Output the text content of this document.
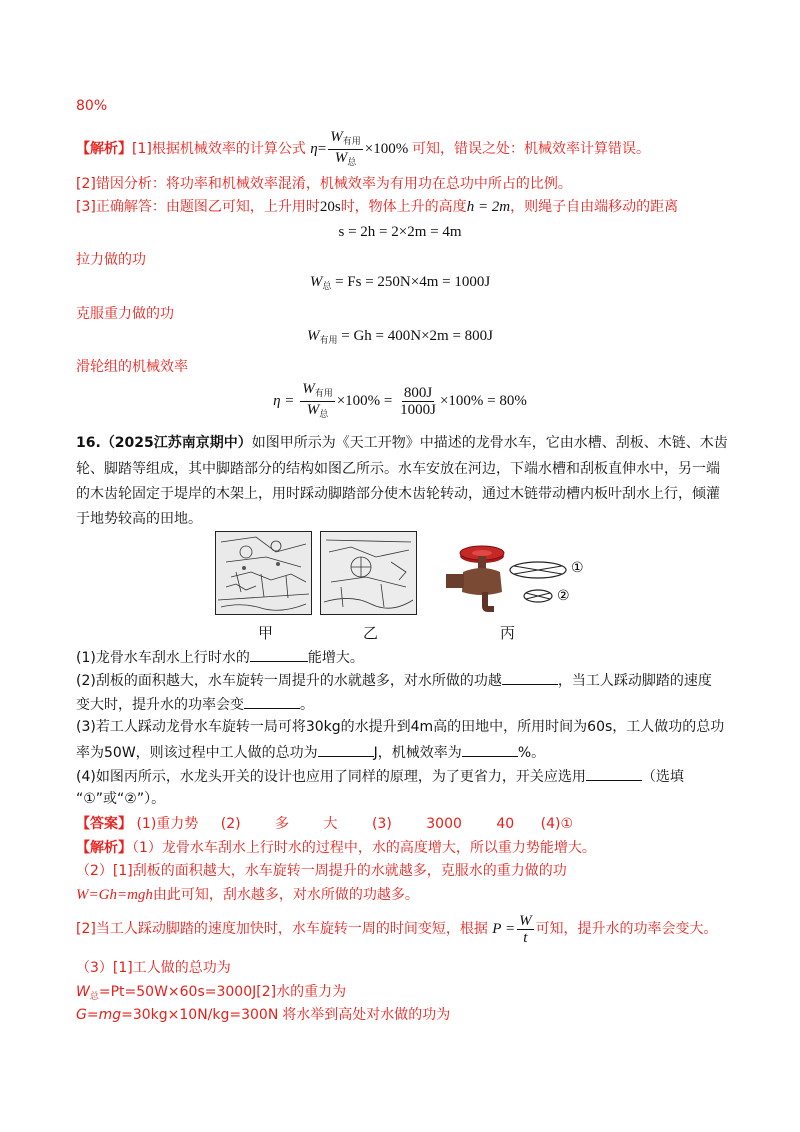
80%
【解析】[1]根据机械效率的计算公式 $\eta= \frac{W_{有用}}{W_总} \times 100\%$ 可知，错误之处：机械效率计算错误。
[2]错因分析：将功率和机械效率混淆，机械效率为有用功在总功中所占的比例。
[3]正确解答：由题图乙可知，上升用时20s时，物体上升的高度h = 2m，则绳子自由端移动的距离
s = 2h = 2×2m = 4m
拉力做的功
$W_总 = Fs = 250N\times 4m = 1000J$
克服重力做的功
$W_{有用} = Gh = 400N\times 2m = 800J$
滑轮组的机械效率
$\eta = \frac{W_{有用}}{W_总} \times 100\% = \frac{800J}{1000J} \times 100\% = 80\%$
16.（2025江苏南京期中）如图甲所示为《天工开物》中描述的龙骨水车，它由水槽、刮板、木链、木齿
轮、脚踏等组成，其中脚踏部分的结构如图乙所示。水车安放在河边，下端水槽和刮板直伸水中，另一端
的木齿轮固定于堤岸的木架上，用时踩动脚踏部分使木齿轮转动，通过木链带动槽内板叶刮水上行，倾灌
于地势较高的田地。
①
②
甲	乙	丙
(1)龙骨水车刮水上行时水的	能增大。
(2)刮板的面积越大，水车旋转一周提升的水就越多，对水所做的功越	，当工人踩动脚踏的速度
变大时，提升水的功率会变	。
(3)若工人踩动龙骨水车旋转一局可将30kg的水提升到4m高的田地中，所用时间为60s，工人做功的总功
率为50W，则该过程中工人做的总功为	J，机械效率为	%。
(4)如图丙所示，水龙头开关的设计也应用了同样的原理，为了更省力，开关应选用	（选填
“①”或“②”）。
【答案】 (1)重力势 (2) 多 大 (3) 3000 40 (4)①
【解析】（1）龙骨水车刮水上行时水的过程中，水的高度增大，所以重力势能增大。
（2）[1]刮板的面积越大，水车旋转一周提升的水就越多，克服水的重力做的功
W=Gh=mgh由此可知，刮水越多，对水所做的功越多。
[2]当工人踩动脚踏的速度加快时，水车旋转一周的时间变短，根据 $P = \frac{W}{t}$ 可知，提升水的功率会变大。
（3）[1]工人做的总功为
$W_总=Pt=50W\times 60s=3000J[2]$水的重力为
G=mg=30kg×10N/kg=300N 将水举到高处对水做的功为
